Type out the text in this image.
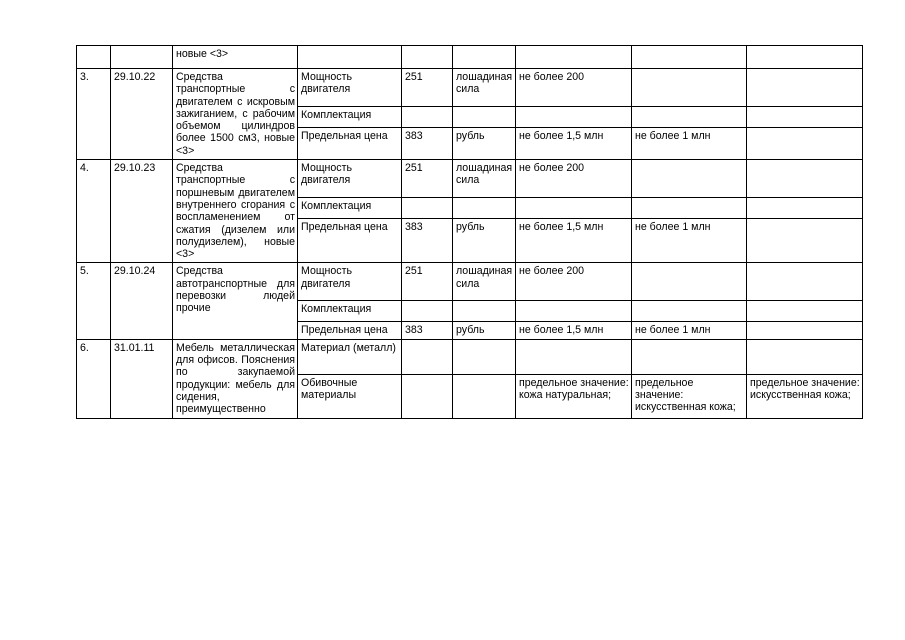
		новые <3>						
3.	29.10.22	Средства транспортные с двигателем с искровым зажиганием, с рабочим объемом цилиндров более 1500 см3, новые <3>	Мощность двигателя	251	лошадиная сила	не более 200		
			Комплектация					
			Предельная цена	383	рубль	не более 1,5 млн	не более 1 млн	
4.	29.10.23	Средства транспортные с поршневым двигателем внутреннего сгорания с воспламенением от сжатия (дизелем или полудизелем), новые <3>	Мощность двигателя	251	лошадиная сила	не более 200		
			Комплектация					
			Предельная цена	383	рубль	не более 1,5 млн	не более 1 млн	
5.	29.10.24	Средства автотранспортные для перевозки людей прочие	Мощность двигателя	251	лошадиная сила	не более 200		
			Комплектация					
			Предельная цена	383	рубль	не более 1,5 млн	не более 1 млн	
6.	31.01.11	Мебель металлическая для офисов. Пояснения по закупаемой продукции: мебель для сидения, преимущественно	Материал (металл)					
			Обивочные материалы			предельное значение: кожа натуральная;	предельное значение: искусственная кожа;	предельное значение: искусственная кожа;
